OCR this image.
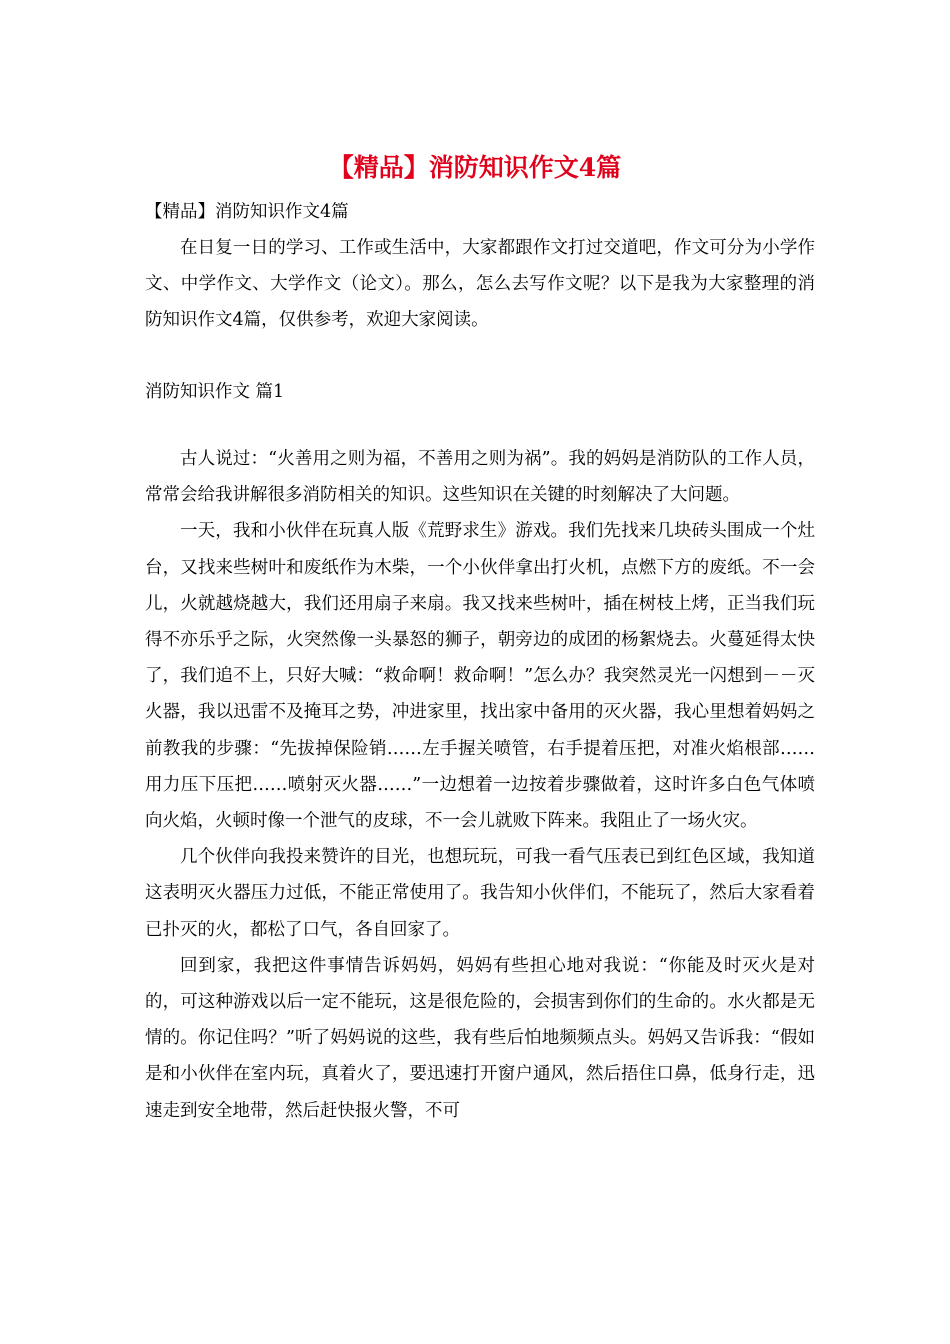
【精品】消防知识作文4篇
【精品】消防知识作文4篇

在日复一日的学习、工作或生活中，大家都跟作文打过交道吧，作文可分为小学作文、中学作文、大学作文（论文）。那么，怎么去写作文呢？以下是我为大家整理的消防知识作文4篇，仅供参考，欢迎大家阅读。

消防知识作文 篇1

古人说过：“火善用之则为福，不善用之则为祸”。我的妈妈是消防队的工作人员，常常会给我讲解很多消防相关的知识。这些知识在关键的时刻解决了大问题。

一天，我和小伙伴在玩真人版《荒野求生》游戏。我们先找来几块砖头围成一个灶台，又找来些树叶和废纸作为木柴，一个小伙伴拿出打火机，点燃下方的废纸。不一会儿，火就越烧越大，我们还用扇子来扇。我又找来些树叶，插在树枝上烤，正当我们玩得不亦乐乎之际，火突然像一头暴怒的狮子，朝旁边的成团的杨絮烧去。火蔓延得太快了，我们追不上，只好大喊：“救命啊！救命啊！”怎么办？我突然灵光一闪想到－－灭火器，我以迅雷不及掩耳之势，冲进家里，找出家中备用的灭火器，我心里想着妈妈之前教我的步骤：“先拔掉保险销……左手握关喷管，右手提着压把，对准火焰根部……用力压下压把……喷射灭火器……”一边想着一边按着步骤做着，这时许多白色气体喷向火焰，火顿时像一个泄气的皮球，不一会儿就败下阵来。我阻止了一场火灾。

几个伙伴向我投来赞许的目光，也想玩玩，可我一看气压表已到红色区域，我知道这表明灭火器压力过低，不能正常使用了。我告知小伙伴们，不能玩了，然后大家看着已扑灭的火，都松了口气，各自回家了。

回到家，我把这件事情告诉妈妈，妈妈有些担心地对我说：“你能及时灭火是对的，可这种游戏以后一定不能玩，这是很危险的，会损害到你们的生命的。水火都是无情的。你记住吗？”听了妈妈说的这些，我有些后怕地频频点头。妈妈又告诉我：“假如是和小伙伴在室内玩，真着火了，要迅速打开窗户通风，然后捂住口鼻，低身行走，迅速走到安全地带，然后赶快报火警，不可
